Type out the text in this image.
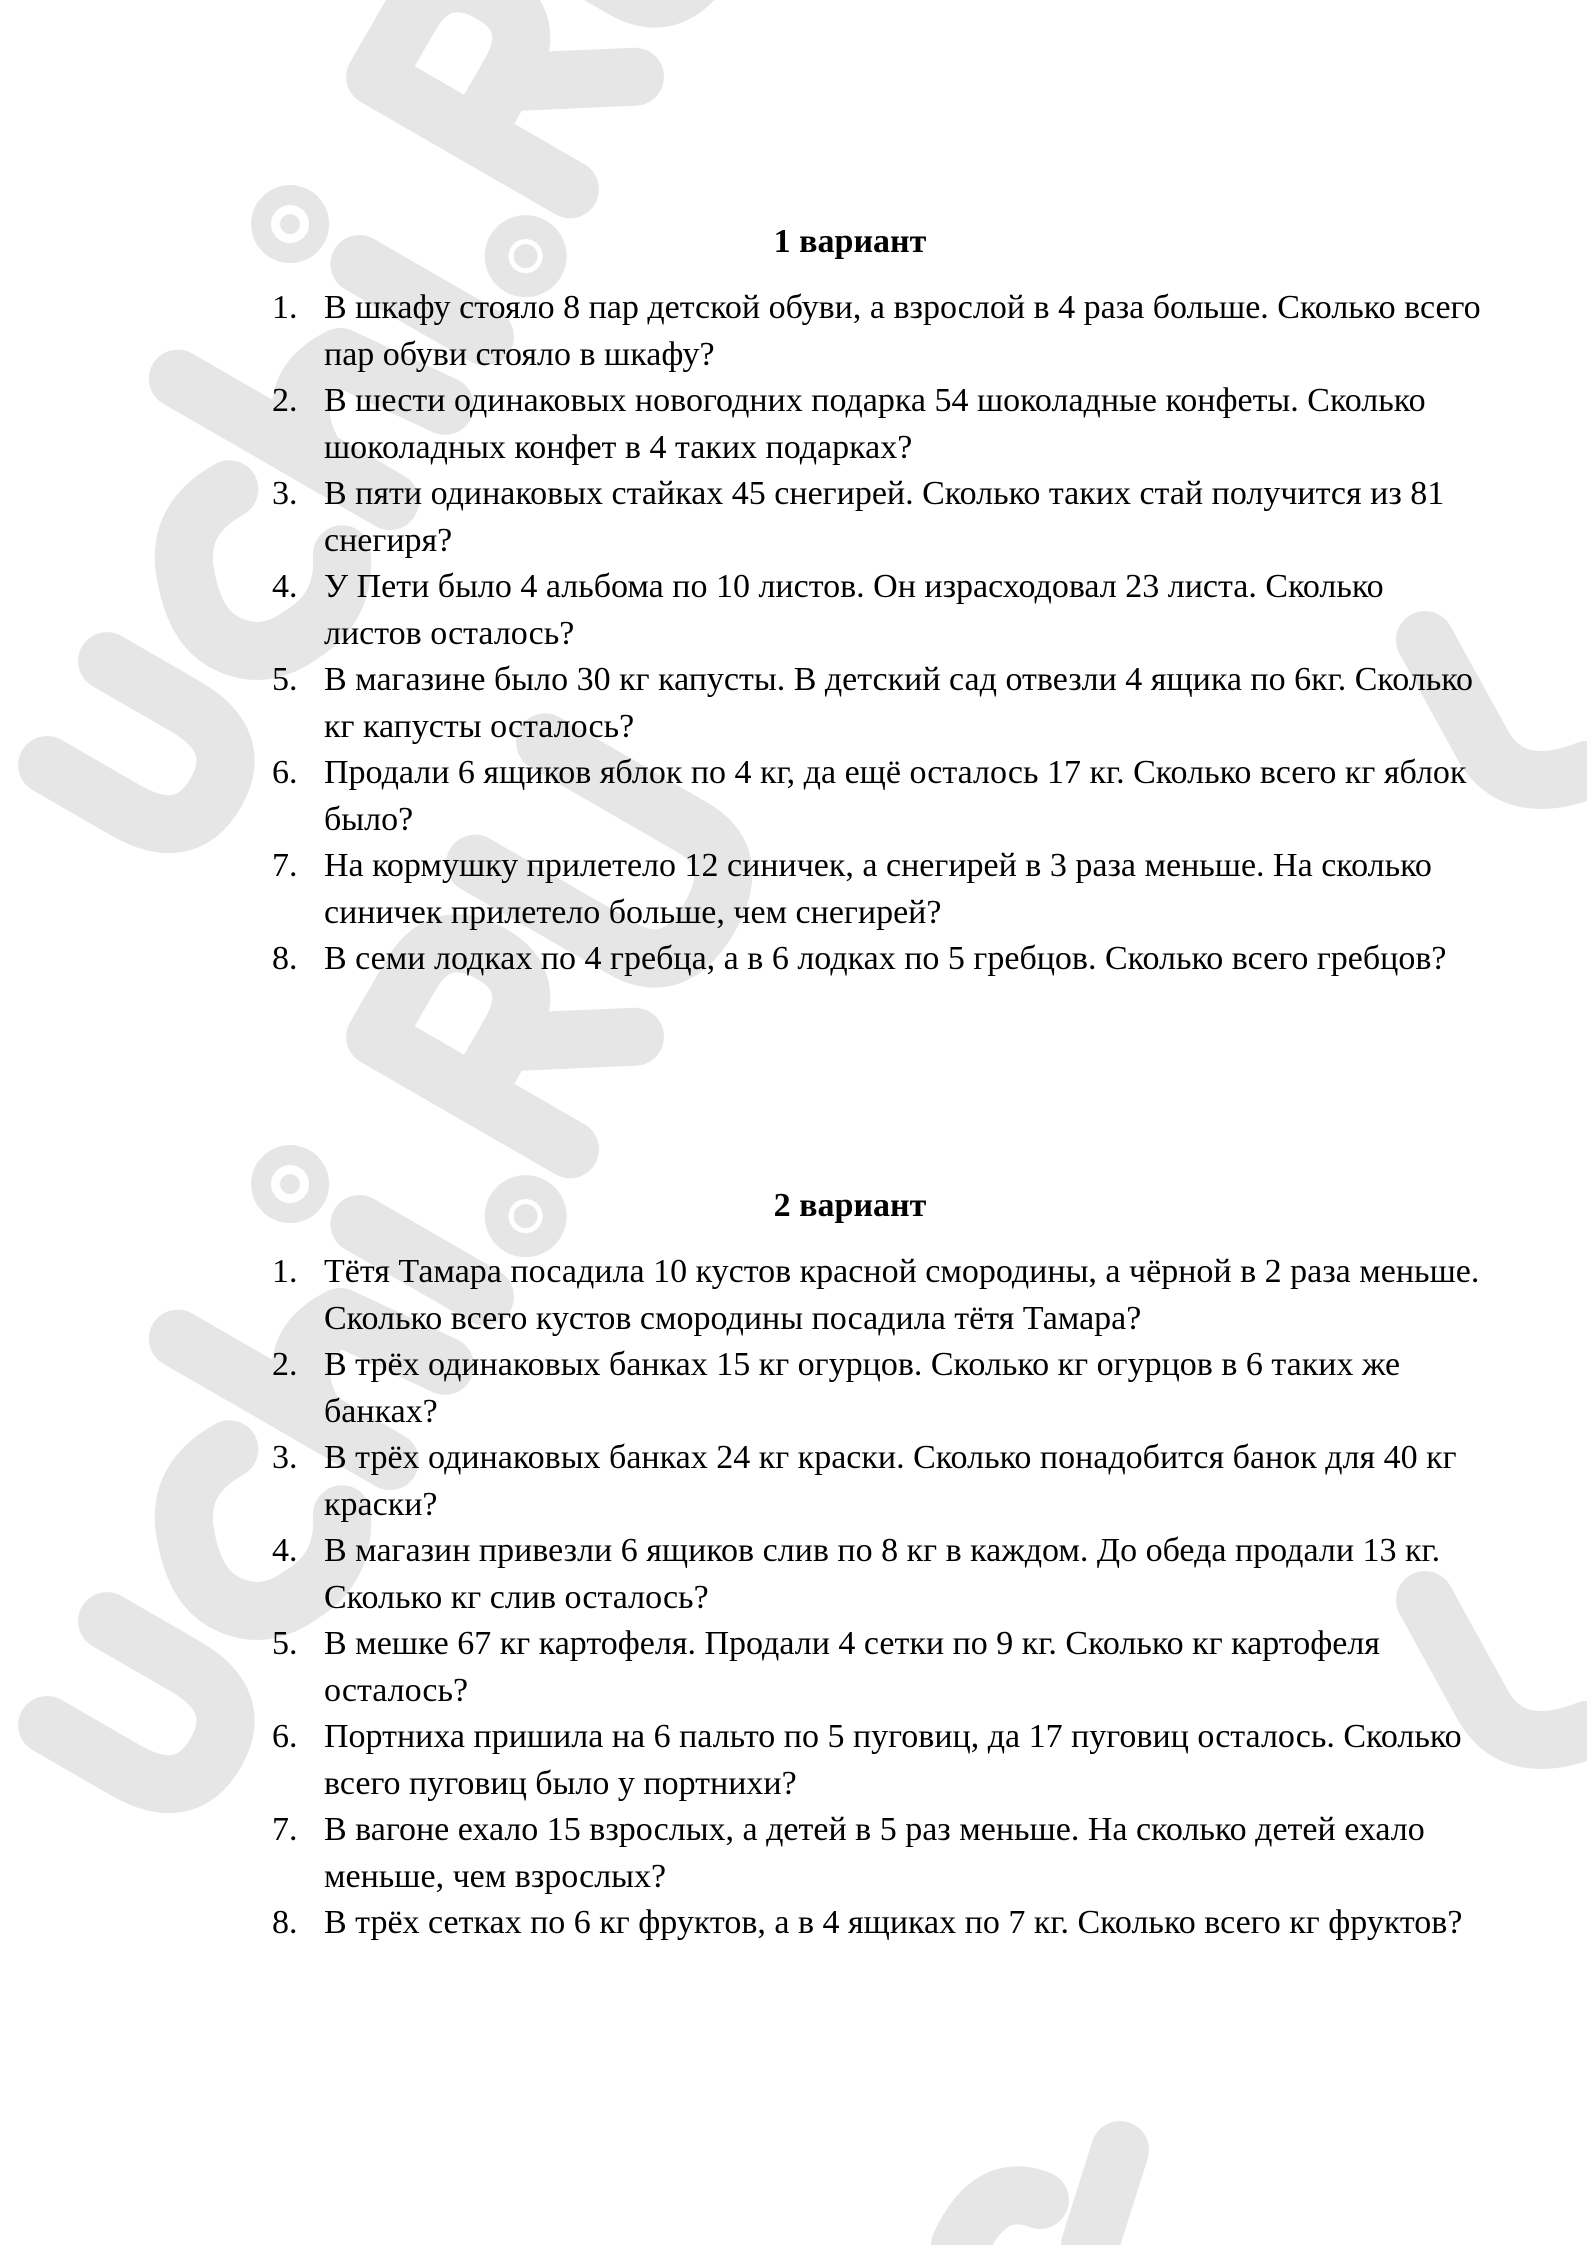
1 вариант
1. В шкафу стояло 8 пар детской обуви, а взрослой в 4 раза больше. Сколько всего пар обуви стояло в шкафу?
2. В шести одинаковых новогодних подарка 54 шоколадные конфеты. Сколько шоколадных конфет в 4 таких подарках?
3. В пяти одинаковых стайках 45 снегирей. Сколько таких стай получится из 81 снегиря?
4. У Пети было 4 альбома по 10 листов. Он израсходовал 23 листа. Сколько листов осталось?
5. В магазине было 30 кг капусты. В детский сад отвезли 4 ящика по 6кг. Сколько кг капусты осталось?
6. Продали 6 ящиков яблок по 4 кг, да ещё осталось 17 кг. Сколько всего кг яблок было?
7. На кормушку прилетело 12 синичек, а снегирей в 3 раза меньше. На сколько синичек прилетело больше, чем снегирей?
8. В семи лодках по 4 гребца, а в 6 лодках по 5 гребцов. Сколько всего гребцов?
2 вариант
1. Тётя Тамара посадила 10 кустов красной смородины, а чёрной в 2 раза меньше. Сколько всего кустов смородины посадила тётя Тамара?
2. В трёх одинаковых банках 15 кг огурцов. Сколько кг огурцов в 6 таких же банках?
3. В трёх одинаковых банках 24 кг краски. Сколько понадобится банок для 40 кг краски?
4. В магазин привезли 6 ящиков слив по 8 кг в каждом. До обеда продали 13 кг. Сколько кг слив осталось?
5. В мешке 67 кг картофеля. Продали 4 сетки по 9 кг. Сколько кг картофеля осталось?
6. Портниха пришила на 6 пальто по 5 пуговиц, да 17 пуговиц осталось. Сколько всего пуговиц было у портнихи?
7. В вагоне ехало 15 взрослых, а детей в 5 раз меньше. На сколько детей ехало меньше, чем взрослых?
8. В трёх сетках по 6 кг фруктов, а в 4 ящиках по 7 кг. Сколько всего кг фруктов?
